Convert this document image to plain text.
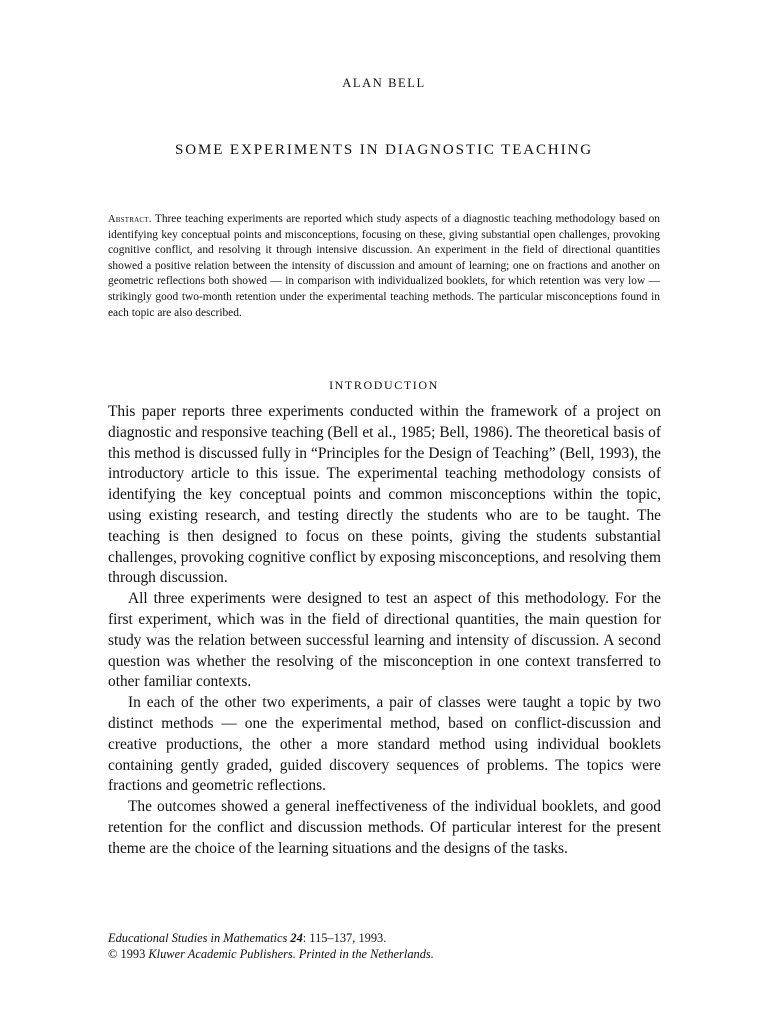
ALAN BELL
SOME EXPERIMENTS IN DIAGNOSTIC TEACHING
Abstract. Three teaching experiments are reported which study aspects of a diagnostic teaching methodology based on identifying key conceptual points and misconceptions, focusing on these, giving substantial open challenges, provoking cognitive conflict, and resolving it through intensive discussion. An experiment in the field of directional quantities showed a positive relation between the intensity of discussion and amount of learning; one on fractions and another on geometric reflections both showed — in comparison with individualized booklets, for which retention was very low — strikingly good two-month retention under the experimental teaching methods. The particular misconceptions found in each topic are also described.
INTRODUCTION

This paper reports three experiments conducted within the framework of a project on diagnostic and responsive teaching (Bell et al., 1985; Bell, 1986). The theoretical basis of this method is discussed fully in “Principles for the Design of Teaching” (Bell, 1993), the introductory article to this issue. The experimental teaching methodology consists of identifying the key conceptual points and common misconceptions within the topic, using existing research, and testing directly the students who are to be taught. The teaching is then designed to focus on these points, giving the students substantial challenges, provoking cognitive conflict by exposing misconceptions, and resolving them through discussion.

All three experiments were designed to test an aspect of this methodology. For the first experiment, which was in the field of directional quantities, the main question for study was the relation between successful learning and intensity of discussion. A second question was whether the resolving of the misconception in one context transferred to other familiar contexts.

In each of the other two experiments, a pair of classes were taught a topic by two distinct methods — one the experimental method, based on conflict-discussion and creative productions, the other a more standard method using individual booklets containing gently graded, guided discovery sequences of problems. The topics were fractions and geometric reflections.

The outcomes showed a general ineffectiveness of the individual booklets, and good retention for the conflict and discussion methods. Of particular interest for the present theme are the choice of the learning situations and the designs of the tasks.

Educational Studies in Mathematics 24: 115–137, 1993.
© 1993 Kluwer Academic Publishers. Printed in the Netherlands.
